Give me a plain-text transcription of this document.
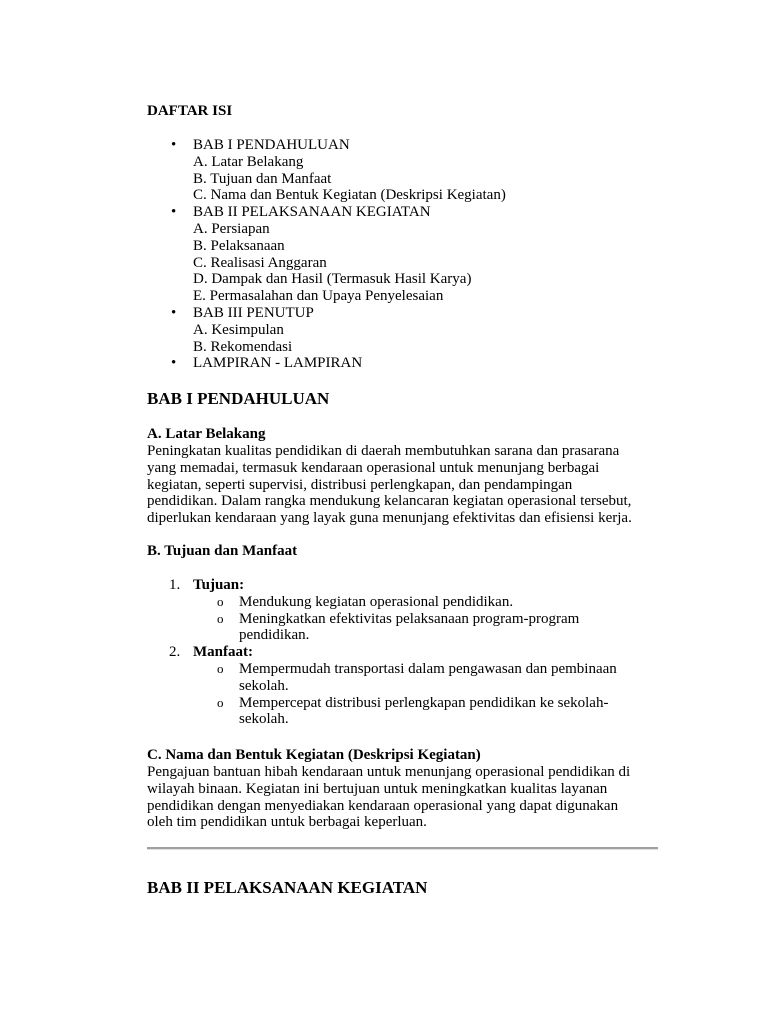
DAFTAR ISI
• BAB I PENDAHULUAN
A. Latar Belakang
B. Tujuan dan Manfaat
C. Nama dan Bentuk Kegiatan (Deskripsi Kegiatan)
• BAB II PELAKSANAAN KEGIATAN
A. Persiapan
B. Pelaksanaan
C. Realisasi Anggaran
D. Dampak dan Hasil (Termasuk Hasil Karya)
E. Permasalahan dan Upaya Penyelesaian
• BAB III PENUTUP
A. Kesimpulan
B. Rekomendasi
• LAMPIRAN - LAMPIRAN
BAB I PENDAHULUAN
A. Latar Belakang

Peningkatan kualitas pendidikan di daerah membutuhkan sarana dan prasarana
yang memadai, termasuk kendaraan operasional untuk menunjang berbagai
kegiatan, seperti supervisi, distribusi perlengkapan, dan pendampingan
pendidikan. Dalam rangka mendukung kelancaran kegiatan operasional tersebut,
diperlukan kendaraan yang layak guna menunjang efektivitas dan efisiensi kerja.

B. Tujuan dan Manfaat
1. Tujuan:
o Mendukung kegiatan operasional pendidikan.
o Meningkatkan efektivitas pelaksanaan program-program
pendidikan.
2. Manfaat:
o Mempermudah transportasi dalam pengawasan dan pembinaan
sekolah.
o Mempercepat distribusi perlengkapan pendidikan ke sekolah-
sekolah.
C. Nama dan Bentuk Kegiatan (Deskripsi Kegiatan)

Pengajuan bantuan hibah kendaraan untuk menunjang operasional pendidikan di
wilayah binaan. Kegiatan ini bertujuan untuk meningkatkan kualitas layanan
pendidikan dengan menyediakan kendaraan operasional yang dapat digunakan
oleh tim pendidikan untuk berbagai keperluan.

BAB II PELAKSANAAN KEGIATAN
